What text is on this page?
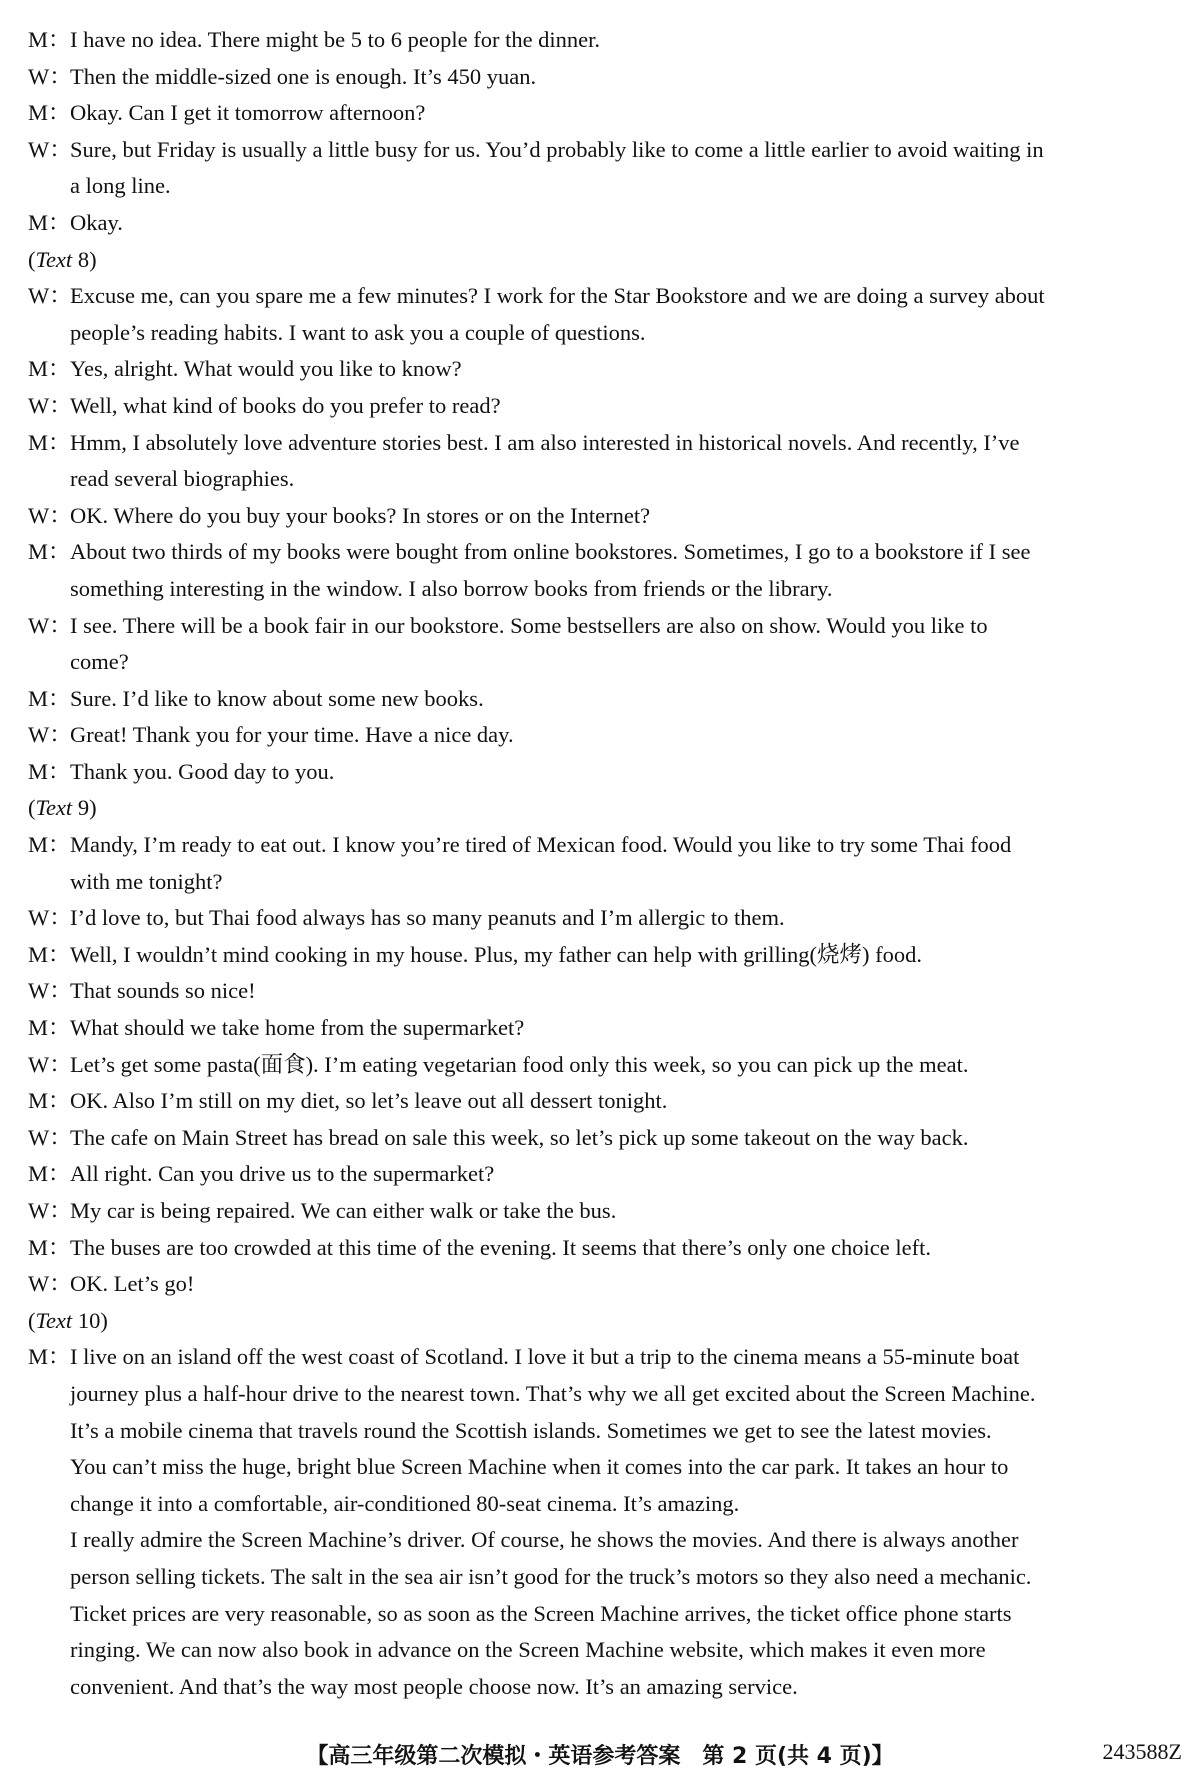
M： I have no idea. There might be 5 to 6 people for the dinner.
W：
Then the middle-sized one is enough. It’s 450 yuan.
M： Okay. Can I get it tomorrow afternoon?
W：
Sure, but Friday is usually a little busy for us. You’d probably like to come a little earlier to avoid waiting in
a long line.
M： Okay.
(Text 8)
W：
Excuse me, can you spare me a few minutes? I work for the Star Bookstore and we are doing a survey about
people’s reading habits. I want to ask you a couple of questions.
M： Yes, alright. What would you like to know?
W：
Well, what kind of books do you prefer to read?
M： Hmm, I absolutely love adventure stories best. I am also interested in historical novels. And recently, I’ve
read several biographies.
W：
OK. Where do you buy your books? In stores or on the Internet?
M： About two thirds of my books were bought from online bookstores. Sometimes, I go to a bookstore if I see
something interesting in the window. I also borrow books from friends or the library.
W：
I see. There will be a book fair in our bookstore. Some bestsellers are also on show. Would you like to
come?
M： Sure. I’d like to know about some new books.
W：
Great! Thank you for your time. Have a nice day.
M： Thank you. Good day to you.
(Text 9)
M： Mandy, I’m ready to eat out. I know you’re tired of Mexican food. Would you like to try some Thai food
with me tonight?
W：
I’d love to, but Thai food always has so many peanuts and I’m allergic to them.
M： Well, I wouldn’t mind cooking in my house. Plus, my father can help with grilling(烧烤) food.
W：
That sounds so nice!
M： What should we take home from the supermarket?
W：
Let’s get some pasta(面食). I’m eating vegetarian food only this week, so you can pick up the meat.
M： OK. Also I’m still on my diet, so let’s leave out all dessert tonight.
W：
The cafe on Main Street has bread on sale this week, so let’s pick up some takeout on the way back.
M： All right. Can you drive us to the supermarket?
W：
My car is being repaired. We can either walk or take the bus.
M： The buses are too crowded at this time of the evening. It seems that there’s only one choice left.
W：
OK. Let’s go!
(Text 10)
M： I live on an island off the west coast of Scotland. I love it but a trip to the cinema means a 55-minute boat
journey plus a half-hour drive to the nearest town. That’s why we all get excited about the Screen Machine.
It’s a mobile cinema that travels round the Scottish islands. Sometimes we get to see the latest movies.
You can’t miss the huge, bright blue Screen Machine when it comes into the car park. It takes an hour to
change it into a comfortable, air-conditioned 80-seat cinema. It’s amazing.
I really admire the Screen Machine’s driver. Of course, he shows the movies. And there is always another
person selling tickets. The salt in the sea air isn’t good for the truck’s motors so they also need a mechanic.
Ticket prices are very reasonable, so as soon as the Screen Machine arrives, the ticket office phone starts
ringing. We can now also book in advance on the Screen Machine website, which makes it even more
convenient. And that’s the way most people choose now. It’s an amazing service.
【高三年级第二次模拟・英语参考答案　第 2 页(共 4 页)】	243588Z
